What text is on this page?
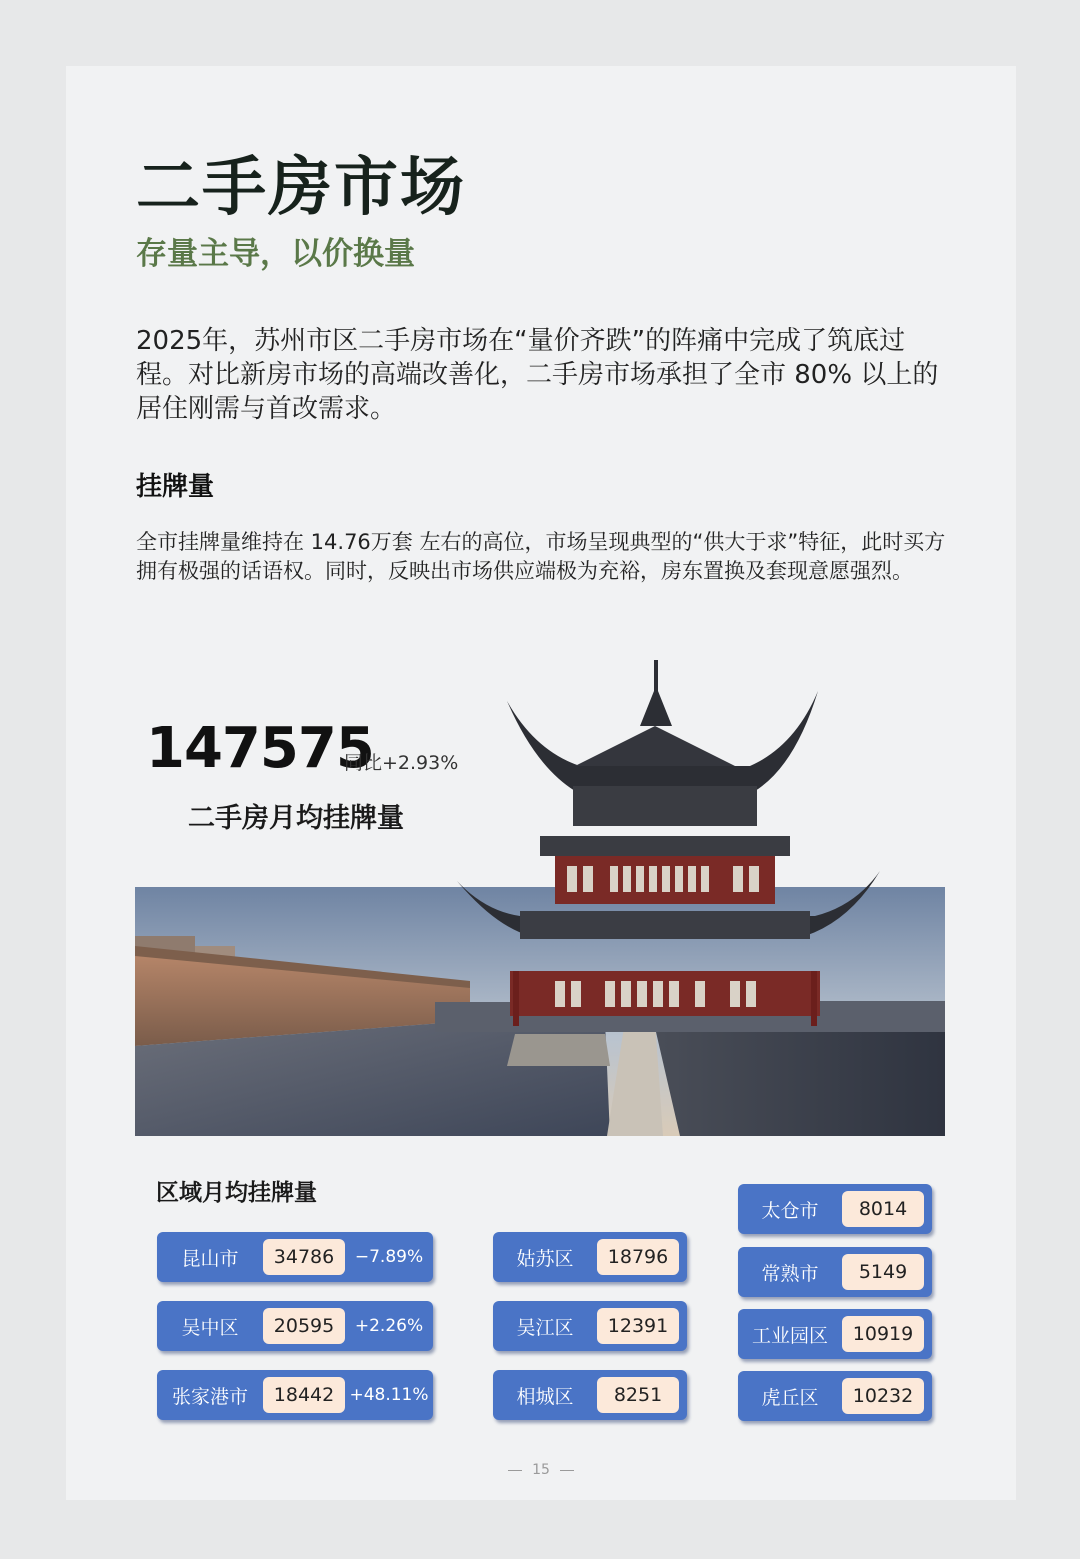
二手房市场
存量主导，以价换量

2025年，苏州市区二手房市场在“量价齐跌”的阵痛中完成了筑底过程。对比新房市场的高端改善化，二手房市场承担了全市 80% 以上的居住刚需与首改需求。

挂牌量

全市挂牌量维持在 14.76万套 左右的高位，市场呈现典型的“供大于求”特征，此时买方拥有极强的话语权。同时，反映出市场供应端极为充裕，房东置换及套现意愿强烈。

147575
同比+2.93%
二手房月均挂牌量
区域月均挂牌量
昆山市	34786	−7.89%
吴中区	20595	+2.26%
张家港市	18442 +48.11%
姑苏区	18796
吴江区	12391
相城区	8251
太仓市	8014
常熟市	5149
工业园区	10919
虎丘区	10232
15
